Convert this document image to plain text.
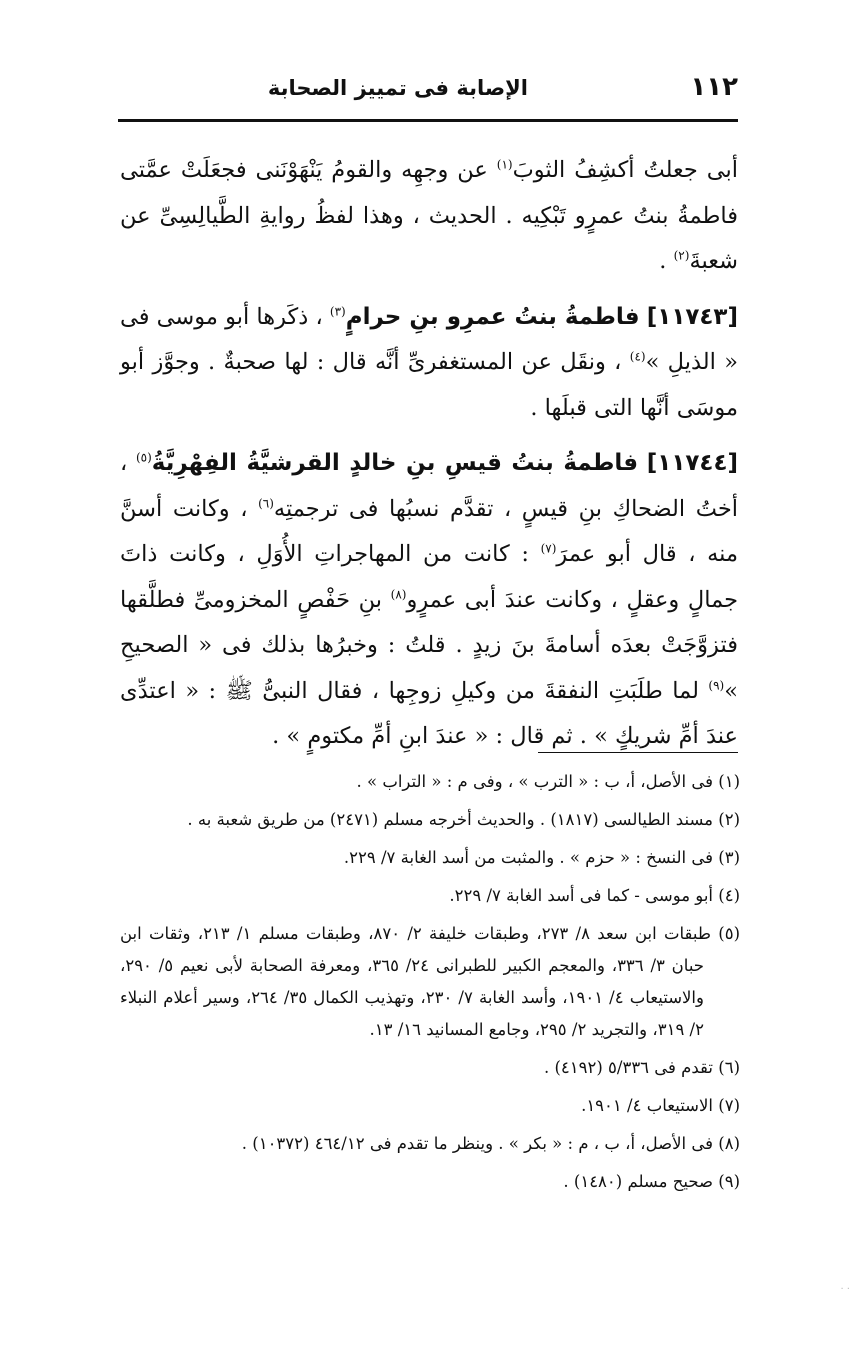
١١٢
الإصابة فى تمييز الصحابة

أبى جعلتُ أكشِفُ الثوبَ$^{(١)}$ عن وجهِه والقومُ يَنْهَوْنَنى فجعَلَتْ عمَّتى فاطمةُ بنتُ عمرٍو تَبْكِيه . الحديث ، وهذا لفظُ روايةِ الطَّيالِسِىِّ عن شعبةَ$^{(٢)}$ .

[١١٧٤٣] فاطمةُ بنتُ عمرِو بنِ حرامٍ$^{(٣)}$ ، ذكَرها أبو موسى فى « الذيلِ »$^{(٤)}$ ، ونقَل عن المستغفرىِّ أنَّه قال : لها صحبةٌ . وجوَّز أبو موسَى أنَّها التى قبلَها .

[١١٧٤٤] فاطمةُ بنتُ قيسِ بنِ خالدٍ القرشيَّةُ الفِهْرِيَّةُ$^{(٥)}$ ، أختُ الضحاكِ بنِ قيسٍ ، تقدَّم نسبُها فى ترجمتِه$^{(٦)}$ ، وكانت أسنَّ منه ، قال أبو عمرَ$^{(٧)}$ : كانت من المهاجراتِ الأُوَلِ ، وكانت ذاتَ جمالٍ وعقلٍ ، وكانت عندَ أبى عمرٍو$^{(٨)}$ بنِ حَفْصٍ المخزومىِّ فطلَّقها فتزوَّجَتْ بعدَه أسامةَ بنَ زيدٍ . قلتُ : وخبرُها بذلك فى « الصحيحِ »$^{(٩)}$ لما طلَبَتِ النفقةَ من وكيلِ زوجِها ، فقال النبىُّ ﷺ : « اعتدِّى عندَ أمِّ شريكٍ » . ثم قال : « عندَ ابنِ أمِّ مكتومٍ » .

(١) فى الأصل، أ، ب : « الترب » ، وفى م : « التراب » .

(٢) مسند الطيالسى (١٨١٧) . والحديث أخرجه مسلم (٢٤٧١) من طريق شعبة به .

(٣) فى النسخ : « حزم » . والمثبت من أسد الغابة ٧/ ٢٢٩.

(٤) أبو موسى - كما فى أسد الغابة ٧/ ٢٢٩.

(٥) طبقات ابن سعد ٨/ ٢٧٣، وطبقات خليفة ٢/ ٨٧٠، وطبقات مسلم ١/ ٢١٣، وثقات ابن حبان ٣/ ٣٣٦، والمعجم الكبير للطبرانى ٢٤/ ٣٦٥، ومعرفة الصحابة لأبى نعيم ٥/ ٢٩٠، والاستيعاب ٤/ ١٩٠١، وأسد الغابة ٧/ ٢٣٠، وتهذيب الكمال ٣٥/ ٢٦٤، وسير أعلام النبلاء ٢/ ٣١٩، والتجريد ٢/ ٢٩٥، وجامع المسانيد ١٦/ ١٣.

(٦) تقدم فى ٥/٣٣٦ (٤١٩٢) .

(٧) الاستيعاب ٤/ ١٩٠١.

(٨) فى الأصل، أ، ب ، م : « بكر » . وينظر ما تقدم فى ٤٦٤/١٢ (١٠٣٧٢) .

(٩) صحيح مسلم (١٤٨٠) .

· ·
